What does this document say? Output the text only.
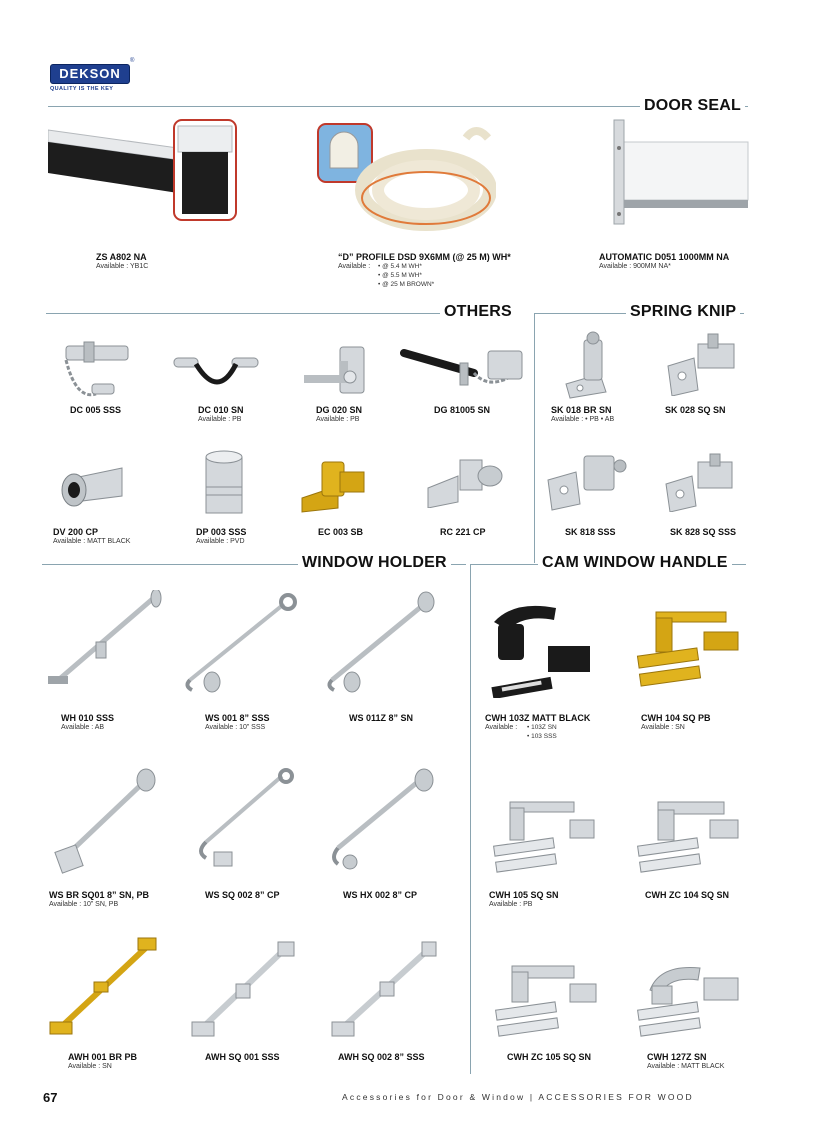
DEKSON
®
QUALITY IS THE KEY
DOOR SEAL
OTHERS	SPRING KNIP
WINDOW HOLDER	CAM WINDOW HANDLE
ZS A802 NA
Available : YB1C
“D” PROFILE DSD 9X6MM (@ 25 M) WH*
Available :	• @ 5.4 M WH*
• @ 5.5 M WH*
• @ 25 M BROWN*
AUTOMATIC D051 1000MM NA
Available : 900MM NA*
DC 005 SSS	DC 010 SN
Available : PB
DG 020 SN
Available : PB
DG 81005 SN
DV 200 CP
Available : MATT BLACK
DP 003 SSS
Available : PVD
EC 003 SB	RC 221 CP
SK 018 BR SN
Available : • PB • AB
SK 028 SQ SN
SK 818 SSS	SK 828 SQ SSS
WH 010 SSS
Available : AB
WS 001 8” SSS
Available : 10” SSS
WS 011Z 8” SN
WS BR SQ01 8” SN, PB
Available : 10” SN, PB
WS SQ 002 8” CP	WS HX 002 8” CP
AWH 001 BR PB
Available : SN
AWH SQ 001 SSS	AWH SQ 002 8” SSS
CWH 103Z MATT BLACK
Available :	• 103Z SN
• 103 SSS
CWH 104 SQ PB
Available : SN
CWH 105 SQ SN
Available : PB
CWH ZC 104 SQ SN
CWH ZC 105 SQ SN	CWH 127Z SN
Available : MATT BLACK
67	Accessories for Door & Window | ACCESSORIES FOR WOOD
